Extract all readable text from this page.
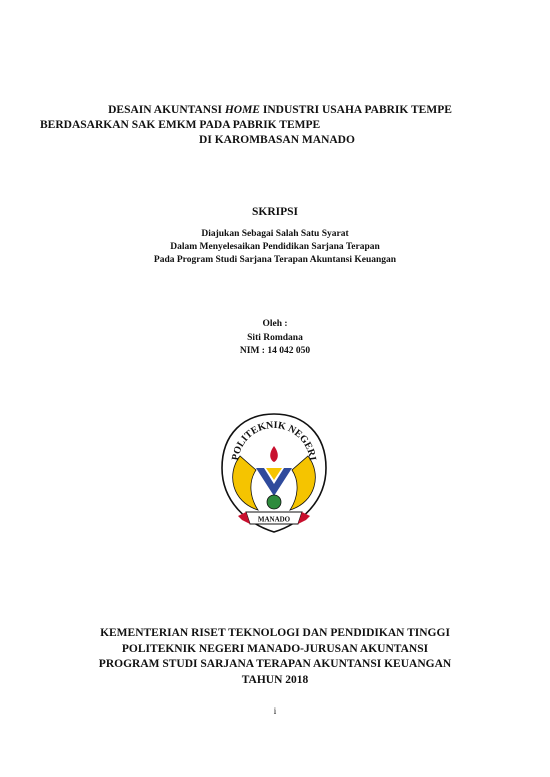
DESAIN AKUNTANSI HOME INDUSTRI USAHA PABRIK TEMPE
BERDASARKAN SAK EMKM PADA PABRIK TEMPE
DI KAROMBASAN MANADO
SKRIPSI
Diajukan Sebagai Salah Satu Syarat
Dalam Menyelesaikan Pendidikan Sarjana Terapan
Pada Program Studi Sarjana Terapan Akuntansi Keuangan
Oleh :
Siti Romdana
NIM : 14 042 050
POLITEKNIK NEGERI
MANADO
KEMENTERIAN RISET TEKNOLOGI DAN PENDIDIKAN TINGGI
POLITEKNIK NEGERI MANADO-JURUSAN AKUNTANSI
PROGRAM STUDI SARJANA TERAPAN AKUNTANSI KEUANGAN
TAHUN 2018
i
